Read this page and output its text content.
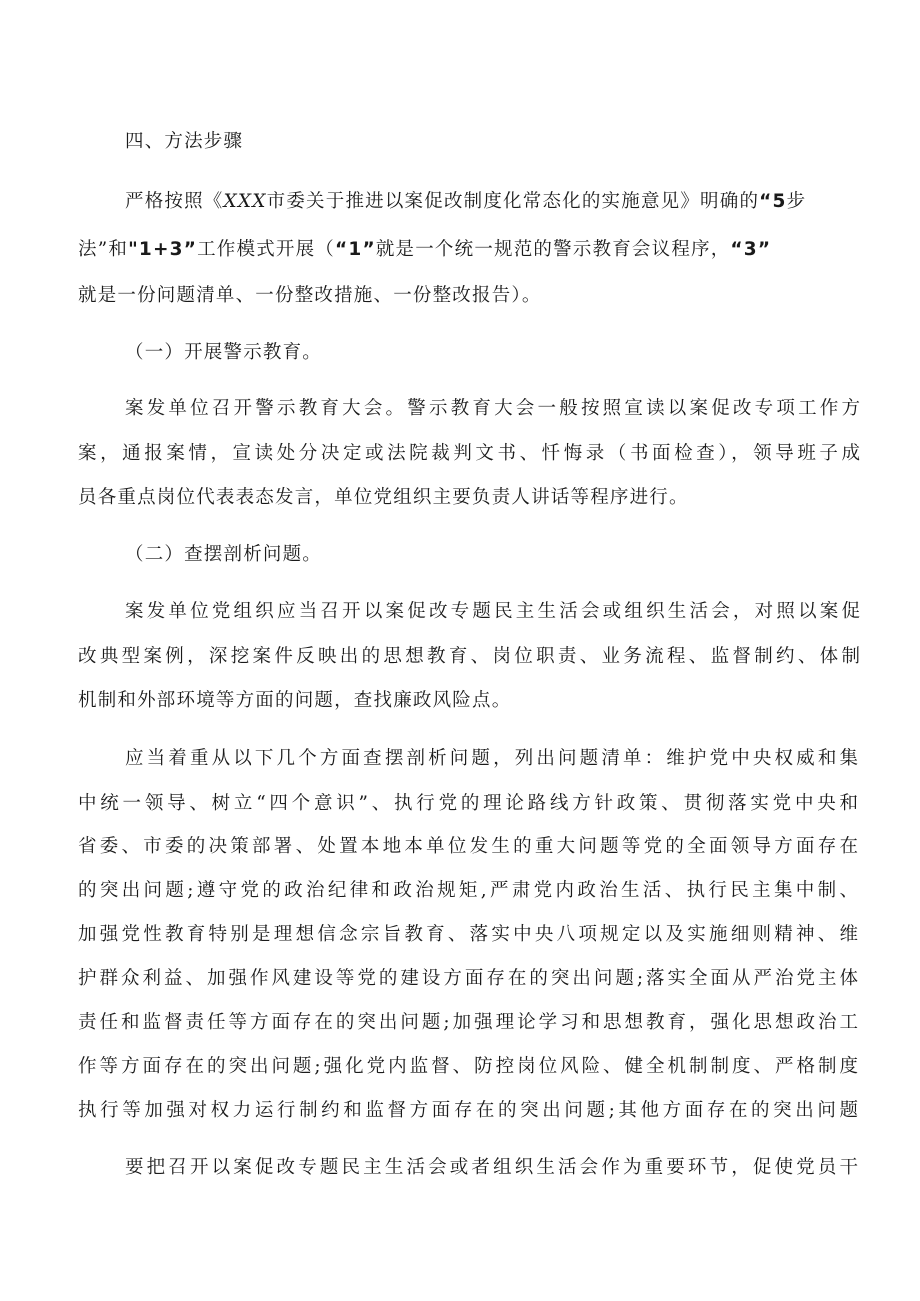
四、方法步骤
严格按照《XXX市委关于推进以案促改制度化常态化的实施意见》明确的“5步
法”和"1+3”工作模式开展（“1”就是一个统一规范的警示教育会议程序，“3”
就是一份问题清单、一份整改措施、一份整改报告）。
（一）开展警示教育。
案发单位召开警示教育大会。警示教育大会一般按照宣读以案促改专项工作方
案，通报案情，宣读处分决定或法院裁判文书、忏悔录（书面检查），领导班子成
员各重点岗位代表表态发言，单位党组织主要负责人讲话等程序进行。
（二）查摆剖析问题。
案发单位党组织应当召开以案促改专题民主生活会或组织生活会，对照以案促
改典型案例，深挖案件反映出的思想教育、岗位职责、业务流程、监督制约、体制
机制和外部环境等方面的问题，查找廉政风险点。
应当着重从以下几个方面查摆剖析问题，列出问题清单：维护党中央权威和集
中统一领导、树立“四个意识”、执行党的理论路线方针政策、贯彻落实党中央和
省委、市委的决策部署、处置本地本单位发生的重大问题等党的全面领导方面存在
的突出问题;遵守党的政治纪律和政治规矩,严肃党内政治生活、执行民主集中制、
加强党性教育特别是理想信念宗旨教育、落实中央八项规定以及实施细则精神、维
护群众利益、加强作风建设等党的建设方面存在的突出问题;落实全面从严治党主体
责任和监督责任等方面存在的突出问题;加强理论学习和思想教育，强化思想政治工
作等方面存在的突出问题;强化党内监督、防控岗位风险、健全机制制度、严格制度
执行等加强对权力运行制约和监督方面存在的突出问题;其他方面存在的突出问题
要把召开以案促改专题民主生活会或者组织生活会作为重要环节，促使党员干
